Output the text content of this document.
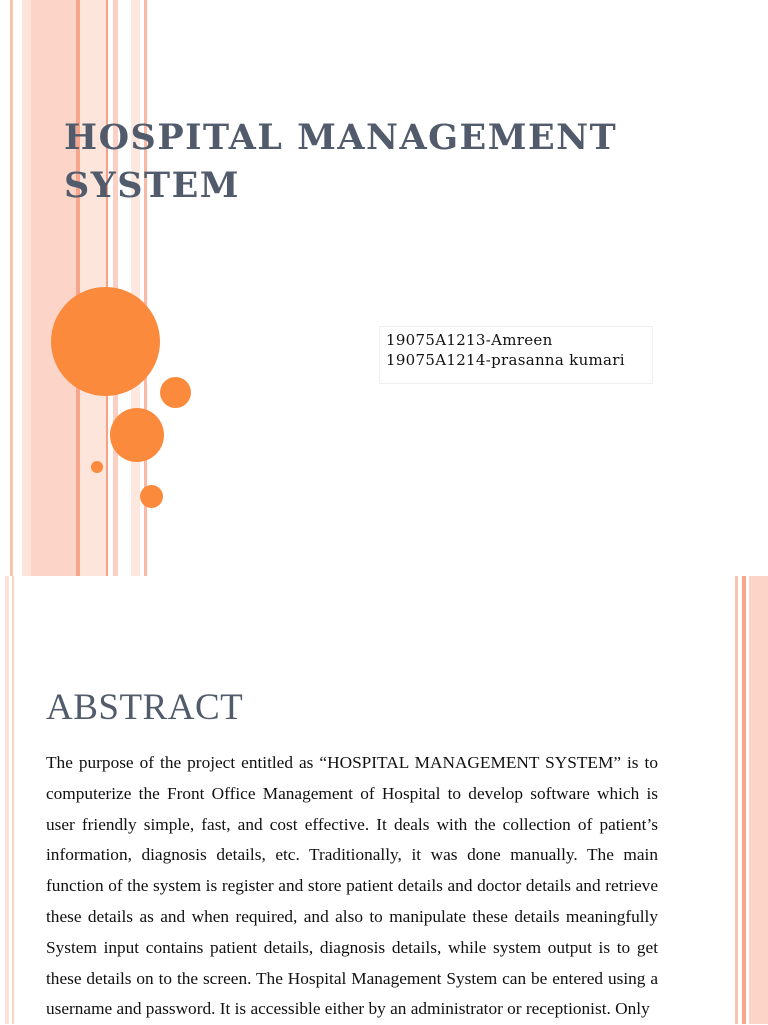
HOSPITAL MANAGEMENT SYSTEM
19075A1213-Amreen
19075A1214-prasanna kumari
ABSTRACT

The purpose of the project entitled as “HOSPITAL MANAGEMENT SYSTEM” is to computerize the Front Office Management of Hospital to develop software which is user friendly simple, fast, and cost effective. It deals with the collection of patient’s information, diagnosis details, etc. Traditionally, it was done manually. The main function of the system is register and store patient details and doctor details and retrieve these details as and when required, and also to manipulate these details meaningfully System input contains patient details, diagnosis details, while system output is to get these details on to the screen. The Hospital Management System can be entered using a username and password. It is accessible either by an administrator or receptionist. Only
